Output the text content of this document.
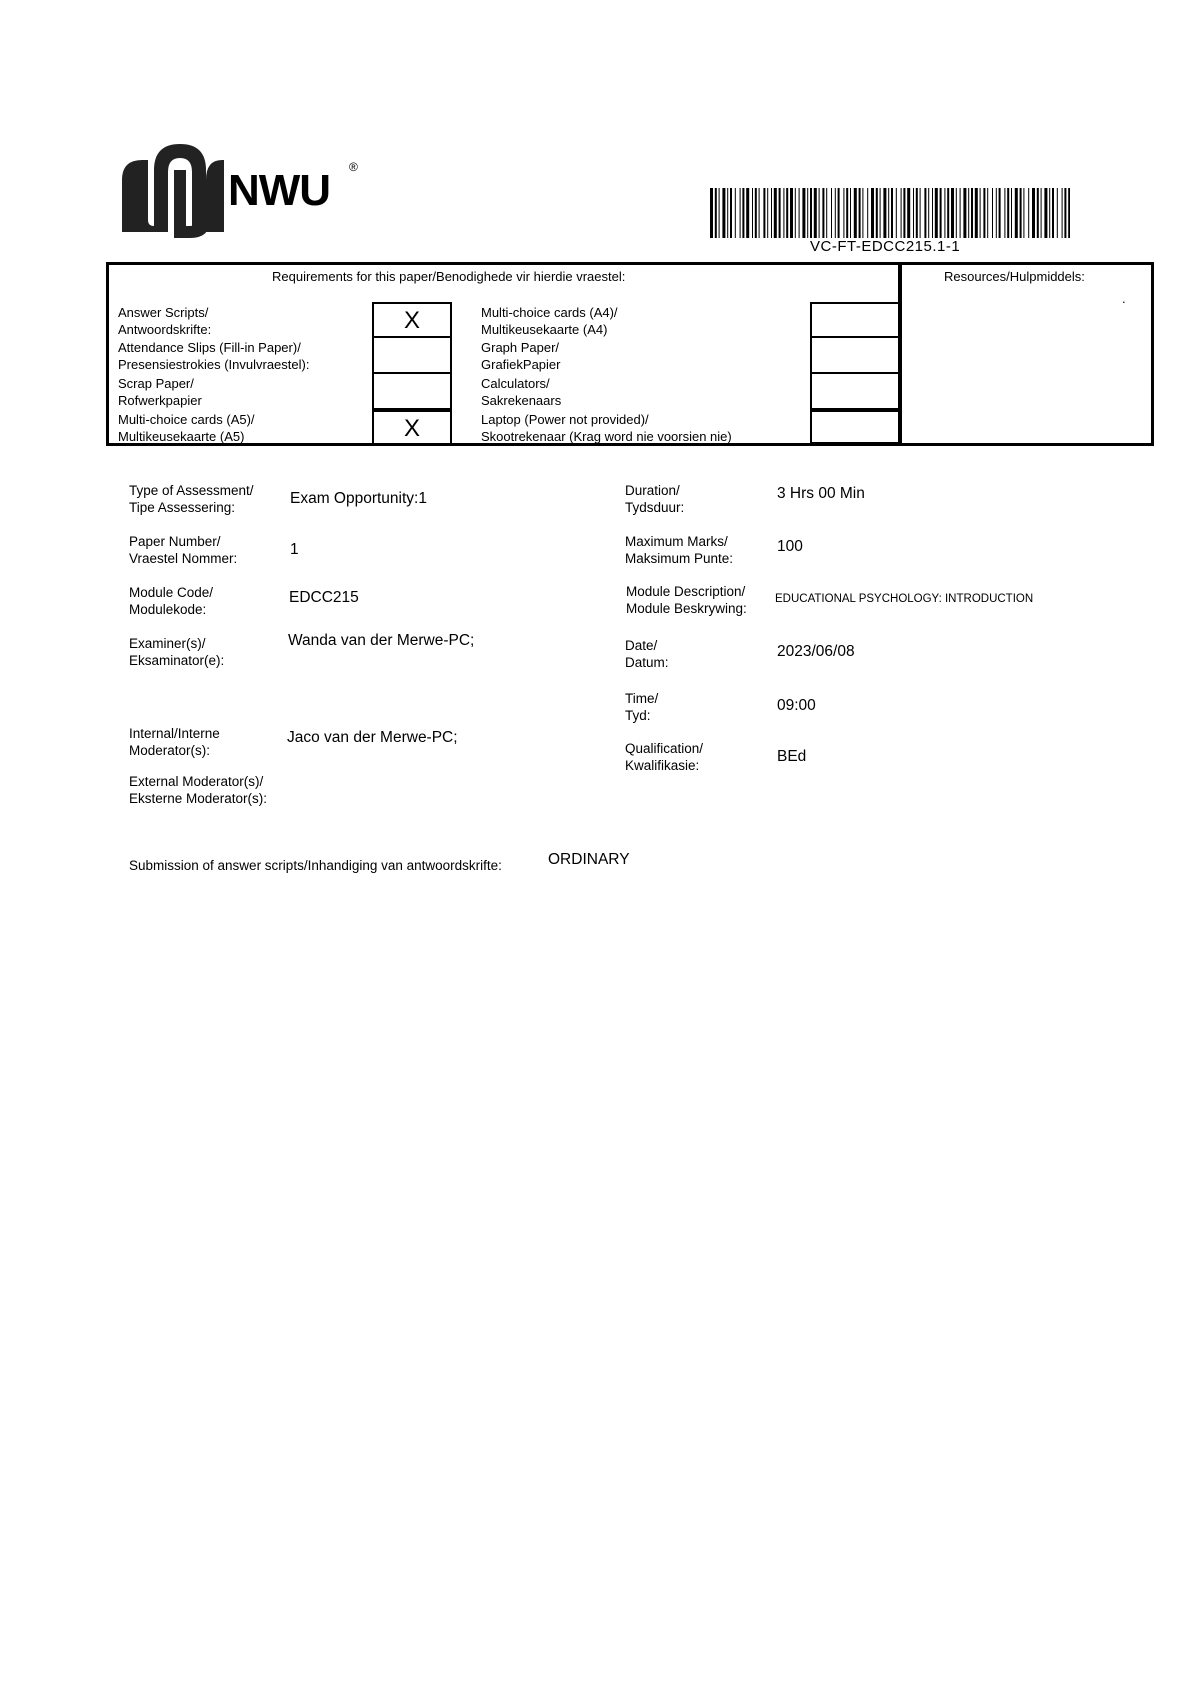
NWU ®
VC-FT-EDCC215.1-1
Requirements for this paper/Benodighede vir hierdie vraestel:	Resources/Hulpmiddels:
.
Answer Scripts/
Antwoordskrifte:
Attendance Slips (Fill-in Paper)/
Presensiestrokies (Invulvraestel):
Scrap Paper/
Rofwerkpapier
Multi-choice cards (A5)/
Multikeusekaarte (A5)
X
X
Multi-choice cards (A4)/
Multikeusekaarte (A4)
Graph Paper/
GrafiekPapier
Calculators/
Sakrekenaars
Laptop (Power not provided)/
Skootrekenaar (Krag word nie voorsien nie)
Type of Assessment/
Tipe Assessering:
Exam Opportunity:1
Paper Number/
Vraestel Nommer:
1
Module Code/
Modulekode:
EDCC215
Examiner(s)/
Eksaminator(e):
Wanda van der Merwe-PC;
Internal/Interne
Moderator(s):
Jaco van der Merwe-PC;
External Moderator(s)/
Eksterne Moderator(s):
Duration/
Tydsduur:
3 Hrs 00 Min
Maximum Marks/
Maksimum Punte:
100
Module Description/
Module Beskrywing:
EDUCATIONAL PSYCHOLOGY: INTRODUCTION
Date/
Datum:
2023/06/08
Time/
Tyd:
09:00
Qualification/
Kwalifikasie:
BEd
Submission of answer scripts/Inhandiging van antwoordskrifte:	ORDINARY
